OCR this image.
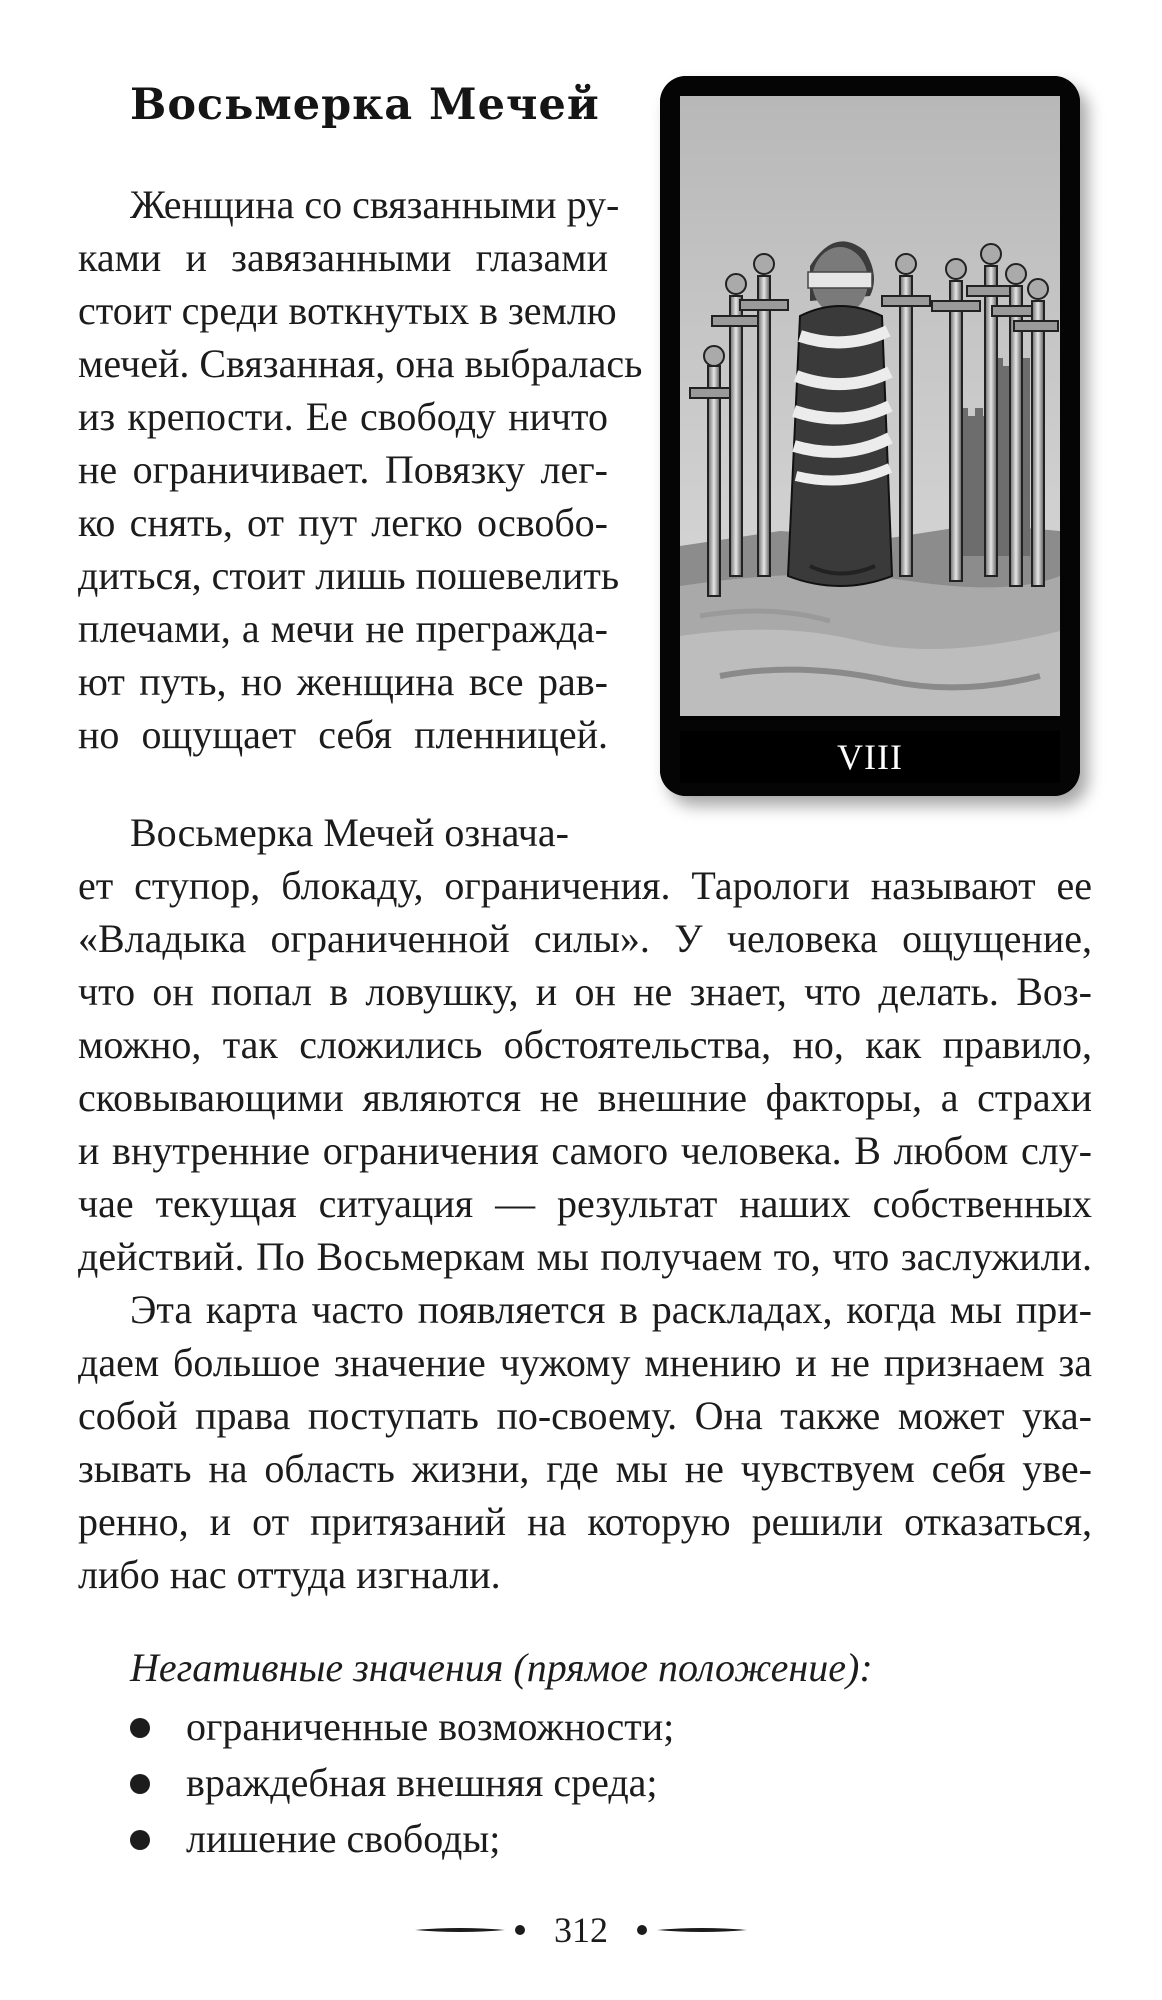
Восьмерка Мечей

Женщина со связанными ру-

ками и завязанными глазами

стоит среди воткнутых в землю

мечей. Связанная, она выбралась

из крепости. Ее свободу ничто

не ограничивает. Повязку лег-

ко снять, от пут легко освобо-

диться, стоит лишь пошевелить

плечами, а мечи не прегражда-

ют путь, но женщина все рав-

но ощущает себя пленницей.	VIII

Восьмерка Мечей означа-

ет ступор, блокаду, ограничения. Тарологи называют ее

«Владыка ограниченной силы». У человека ощущение,

что он попал в ловушку, и он не знает, что делать. Воз-

можно, так сложились обстоятельства, но, как правило,

сковывающими являются не внешние факторы, а страхи

и внутренние ограничения самого человека. В любом слу-

чае текущая ситуация — результат наших собственных

действий. По Восьмеркам мы получаем то, что заслужили.

Эта карта часто появляется в раскладах, когда мы при-

даем большое значение чужому мнению и не признаем за

собой права поступать по-своему. Она также может ука-

зывать на область жизни, где мы не чувствуем себя уве-

ренно, и от притязаний на которую решили отказаться,

либо нас оттуда изгнали.

Негативные значения (прямое положение):

ограниченные возможности;

враждебная внешняя среда;

лишение свободы;

312
